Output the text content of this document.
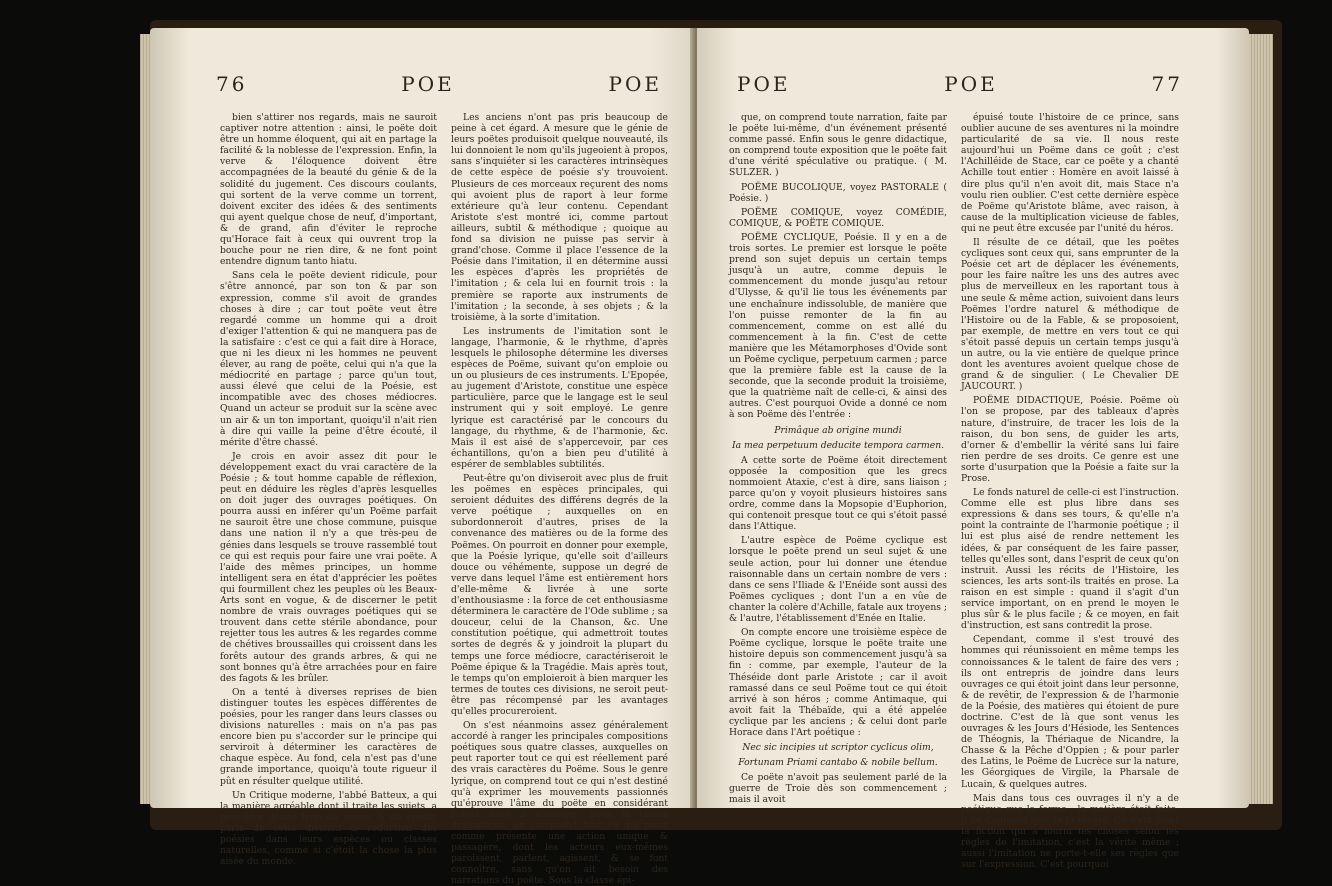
76	POE	POE

bien s'attirer nos regards, mais ne sauroit captiver notre attention : ainsi, le poëte doit être un homme éloquent, qui ait en partage la facilité & la noblesse de l'expression. Enfin, la verve & l'éloquence doivent être accompagnées de la beauté du génie & de la solidité du jugement. Ces discours coulants, qui sortent de la verve comme un torrent, doivent exciter des idées & des sentiments qui ayent quelque chose de neuf, d'important, & de grand, afin d'éviter le reproche qu'Horace fait à ceux qui ouvrent trop la bouche pour ne rien dire, & ne font point entendre dignum tanto hiatu.

Sans cela le poëte devient ridicule, pour s'être annoncé, par son ton & par son expression, comme s'il avoit de grandes choses à dire ; car tout poëte veut être regardé comme un homme qui a droit d'exiger l'attention & qui ne manquera pas de la satisfaire : c'est ce qui a fait dire à Horace, que ni les dieux ni les hommes ne peuvent élever, au rang de poëte, celui qui n'a que la médiocrité en partage ; parce qu'un tout, aussi élevé que celui de la Poésie, est incompatible avec des choses médiocres. Quand un acteur se produit sur la scène avec un air & un ton important, quoiqu'il n'ait rien à dire qui vaille la peine d'être écouté, il mérite d'être chassé.

Je crois en avoir assez dit pour le développement exact du vrai caractère de la Poésie ; & tout homme capable de réflexion, peut en déduire les règles d'après lesquelles on doit juger des ouvrages poétiques. On pourra aussi en inférer qu'un Poëme parfait ne sauroit être une chose commune, puisque dans une nation il n'y a que très-peu de génies dans lesquels se trouve rassemblé tout ce qui est requis pour faire une vrai poëte. A l'aide des mêmes principes, un homme intelligent sera en état d'apprécier les poëtes qui fourmillent chez les peuples où les Beaux-Arts sont en vogue, & de discerner le petit nombre de vrais ouvrages poétiques qui se trouvent dans cette stérile abondance, pour rejetter tous les autres & les regardes comme de chétives broussailles qui croissent dans les forêts autour des grands arbres, & qui ne sont bonnes qu'à être arrachées pour en faire des fagots & les brûler.

On a tenté à diverses reprises de bien distinguer toutes les espèces différentes de poésies, pour les ranger dans leurs classes ou divisions naturelles : mais on n'a pas pas encore bien pu s'accorder sur le principe qui serviroit à déterminer les caractères de chaque espèce. Au fond, cela n'est pas d'une grande importance, quoiqu'à toute rigueur il pût en résulter quelque utilité.

Un Critique moderne, l'abbé Batteux, a qui la manière agréable dont il traite les sujets, a peut-être donné trop de vogue & de crédit, parle de cette division & réduction des poésies dans leurs espèces ou classes naturelles, comme si c'étoit la chose la plus aisée du monde.

Les anciens n'ont pas pris beaucoup de peine à cet égard. A mesure que le génie de leurs poëtes produisoit quelque nouveauté, ils lui donnoient le nom qu'ils jugeoient à propos, sans s'inquiéter si les caractères intrinsèques de cette espèce de poésie s'y trouvoient. Plusieurs de ces morceaux reçurent des noms qui avoient plus de raport à leur forme extérieure qu'à leur contenu. Cependant Aristote s'est montré ici, comme partout ailleurs, subtil & méthodique ; quoique au fond sa division ne puisse pas servir à grand'chose. Comme il place l'essence de la Poésie dans l'imitation, il en détermine aussi les espèces d'après les propriétés de l'imitation ; & cela lui en fournit trois : la première se raporte aux instruments de l'imitation ; la seconde, à ses objets ; & la troisième, à la sorte d'imitation.

Les instruments de l'imitation sont le langage, l'harmonie, & le rhythme, d'après lesquels le philosophe détermine les diverses espèces de Poëme, suivant qu'on emploie ou un ou plusieurs de ces instruments. L'Epopée, au jugement d'Aristote, constitue une espèce particulière, parce que le langage est le seul instrument qui y soit employé. Le genre lyrique est caractérisé par le concours du langage, du rhythme, & de l'harmonie, &c. Mais il est aisé de s'appercevoir, par ces échantillons, qu'on a bien peu d'utilité à espérer de semblables subtilités.

Peut-être qu'on diviseroit avec plus de fruit les poëmes en espèces principales, qui seroient déduites des différens degrés de la verve poétique ; auxquelles on en subordonneroit d'autres, prises de la convenance des matières ou de la forme des Poëmes. On pourroit en donner pour exemple, que la Poésie lyrique, qu'elle soit d'ailleurs douce ou véhémente, suppose un degré de verve dans lequel l'âme est entièrement hors d'elle-même & livrée à une sorte d'enthousiasme : la force de cet enthousiasme déterminera le caractère de l'Ode sublime ; sa douceur, celui de la Chanson, &c. Une constitution poétique, qui admettroit toutes sortes de degrés & y joindroit la plupart du temps une force médiocre, caractériseroit le Poëme épique & la Tragédie. Mais après tout, le temps qu'on emploieroit à bien marquer les termes de toutes ces divisions, ne seroit peut-être pas récompensé par les avantages qu'elles procureroient.

On s'est néanmoins assez généralement accordé à ranger les principales compositions poétiques sous quatre classes, auxquelles on peut raporter tout ce qui est réellement paré des vrais caractères du Poëme. Sous le genre lyrique, on comprend tout ce qui n'est destiné qu'à exprimer les mouvements passionnés qu'éprouve l'âme du poëte en considérant l'objet dont il s'occupe. Sous la classe dramatique, on comprend tout ce qui peint comme présente une action unique & passagère, dont les acteurs eux-mêmes paroissent, parlent, agissent, & se font connoître, sans qu'on ait besoin des narrations du poëte. Sous la classe épi-

POE	POE	77

que, on comprend toute narration, faite par le poëte lui-même, d'un événement présenté comme passé. Enfin sous le genre didactique, on comprend toute exposition que le poëte fait d'une vérité spéculative ou pratique. ( M. SULZER. )

POËME BUCOLIQUE, voyez PASTORALE ( Poésie. )

POËME COMIQUE, voyez COMÉDIE, COMIQUE, & POËTE COMIQUE.

POËME CYCLIQUE, Poésie. Il y en a de trois sortes. Le premier est lorsque le poëte prend son sujet depuis un certain temps jusqu'à un autre, comme depuis le commencement du monde jusqu'au retour d'Ulysse, & qu'il lie tous les événements par une enchaînure indissoluble, de manière que l'on puisse remonter de la fin au commencement, comme on est allé du commencement à la fin. C'est de cette manière que les Métamorphoses d'Ovide sont un Poëme cyclique, perpetuum carmen ; parce que la première fable est la cause de la seconde, que la seconde produit la troisième, que la quatrième naît de celle-ci, & ainsi des autres. C'est pourquoi Ovide a donné ce nom à son Poëme dès l'entrée :

Primâque ab origine mundi

Ia mea perpetuum deducite tempora carmen.

A cette sorte de Poëme étoit directement opposée la composition que les grecs nommoient Ataxie, c'est à dire, sans liaison ; parce qu'on y voyoit plusieurs histoires sans ordre, comme dans la Mopsopie d'Euphorion, qui contenoit presque tout ce qui s'étoit passé dans l'Attique.

L'autre espèce de Poëme cyclique est lorsque le poëte prend un seul sujet & une seule action, pour lui donner une étendue raisonnable dans un certain nombre de vers : dans ce sens l'Iliade & l'Enéide sont aussi des Poëmes cycliques ; dont l'un a en vûe de chanter la colère d'Achille, fatale aux troyens ; & l'autre, l'établissement d'Enée en Italie.

On compte encore une troisième espèce de Poëme cyclique, lorsque le poëte traite une histoire depuis son commencement jusqu'à sa fin : comme, par exemple, l'auteur de la Théséide dont parle Aristote ; car il avoit ramassé dans ce seul Poëme tout ce qui étoit arrivé à son héros ; comme Antimaque, qui avoit fait la Thébaïde, qui a été appelée cyclique par les anciens ; & celui dont parle Horace dans l'Art poétique :

Nec sic incipies ut scriptor cyclicus olim,

Fortunam Priami cantabo & nobile bellum.

Ce poëte n'avoit pas seulement parlé de la guerre de Troie dès son commencement ; mais il avoit

épuisé toute l'histoire de ce prince, sans oublier aucune de ses aventures ni la moindre particularité de sa vie. Il nous reste aujourd'hui un Poëme dans ce goût ; c'est l'Achilléide de Stace, car ce poëte y a chanté Achille tout entier : Homère en avoit laissé à dire plus qu'il n'en avoit dit, mais Stace n'a voulu rien oublier. C'est cette dernière espèce de Poëme qu'Aristote blâme, avec raison, à cause de la multiplication vicieuse de fables, qui ne peut être excusée par l'unité du héros.

Il résulte de ce détail, que les poëtes cycliques sont ceux qui, sans emprunter de la Poésie cet art de déplacer les événements, pour les faire naître les uns des autres avec plus de merveilleux en les raportant tous à une seule & même action, suivoient dans leurs Poëmes l'ordre naturel & méthodique de l'Histoire ou de la Fable, & se proposoient, par exemple, de mettre en vers tout ce qui s'étoit passé depuis un certain temps jusqu'à un autre, ou la vie entière de quelque prince dont les aventures avoient quelque chose de grand & de singulier. ( Le Chevalier DE JAUCOURT. )

POËME DIDACTIQUE, Poésie. Poëme où l'on se propose, par des tableaux d'après nature, d'instruire, de tracer les lois de la raison, du bon sens, de guider les arts, d'orner & d'embellir la vérité sans lui faire rien perdre de ses droits. Ce genre est une sorte d'usurpation que la Poésie a faite sur la Prose.

Le fonds naturel de celle-ci est l'instruction. Comme elle est plus libre dans ses expressions & dans ses tours, & qu'elle n'a point la contrainte de l'harmonie poétique ; il lui est plus aisé de rendre nettement les idées, & par conséquent de les faire passer, telles qu'elles sont, dans l'esprit de ceux qu'on instruit. Aussi les récits de l'Histoire, les sciences, les arts sont-ils traités en prose. La raison en est simple : quand il s'agit d'un service important, on en prend le moyen le plus sûr & le plus facile ; & ce moyen, en fait d'instruction, est sans contredit la prose.

Cependant, comme il s'est trouvé des hommes qui réunissoient en même temps les connoissances & le talent de faire des vers ; ils ont entrepris de joindre dans leurs ouvrages ce qui étoit joint dans leur personne, & de revêtir, de l'expression & de l'harmonie de la Poésie, des matières qui étoient de pure doctrine. C'est de là que sont venus les ouvrages & les Jours d'Hésiode, les Sentences de Théognis, la Thériaque de Nicandre, la Chasse & la Pêche d'Oppien ; & pour parler des Latins, le Poëme de Lucrèce sur la nature, les Géorgiques de Virgile, la Pharsale de Lucain, & quelques autres.

Mais dans tous ces ouvrages il n'y a de poétique que la forme ; la matière étoit faite, il ne s'agissoit que de la revêtir. Ce n'est point la fiction qui a fourni les choses selon les règles de l'imitation, c'est la vérité même ; aussi l'imitation ne porte-t-elle ses règles que sur l'expression. C'est pourquoi
